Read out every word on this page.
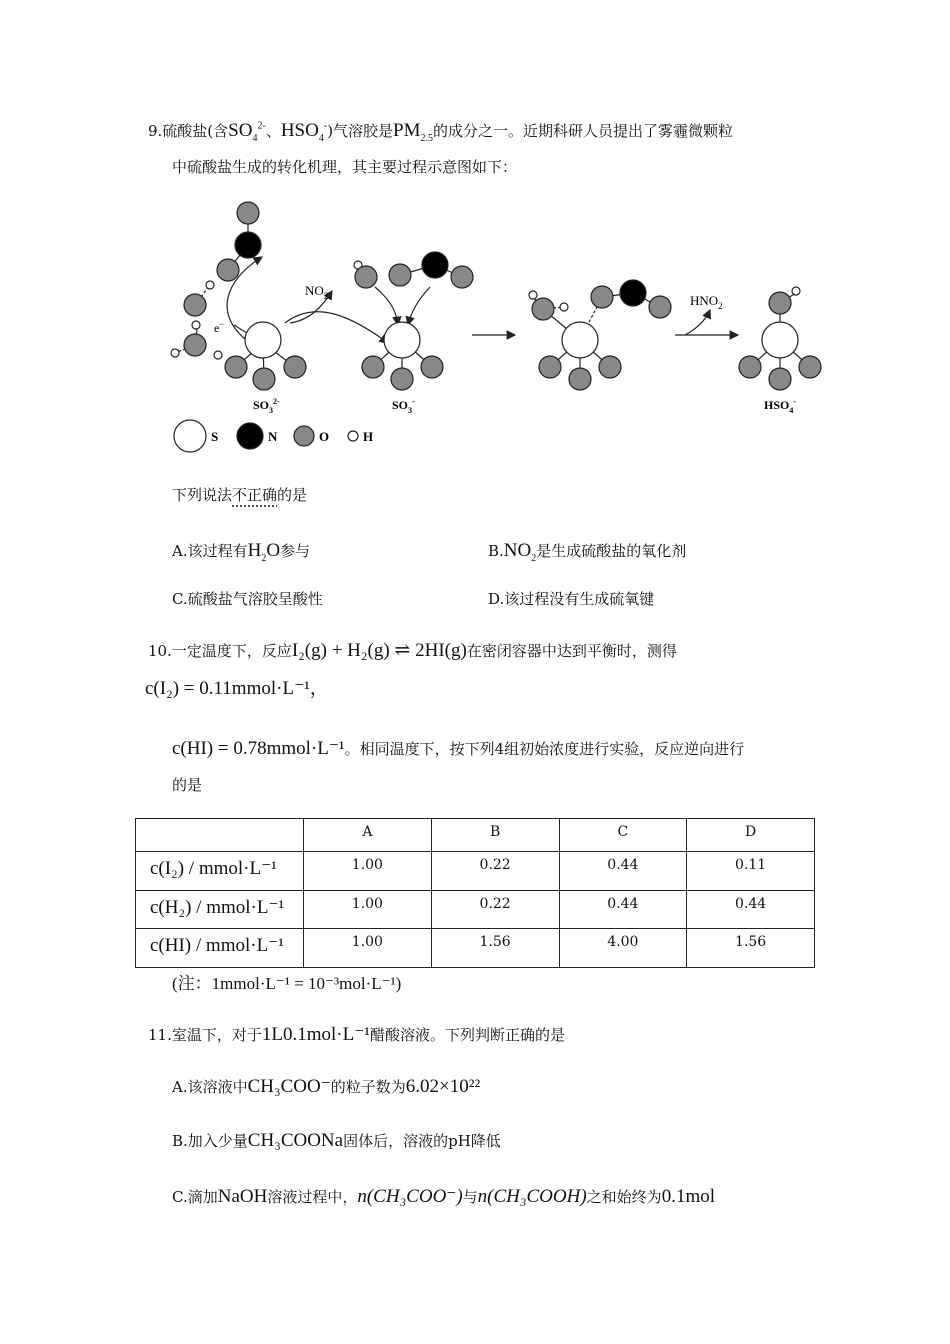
9.硫酸盐(含$SO_4^{2-}$、$HSO_4^-$)气溶胶是$PM_{2.5}$的成分之一。近期科研人员提出了雾霾微颗粒
中硫酸盐生成的转化机理，其主要过程示意图如下：
e−
$NO_2$	$HNO_2$
$SO_3^{2-}$	$SO_3^-$	$HSO_4^-$
S	N	O	H
下列说法不正确的是
A.该过程有$H_2O$参与	$B.NO_2$是生成硫酸盐的氧化剂
C.硫酸盐气溶胶呈酸性	D.该过程没有生成硫氧键
10.一定温度下，反应I₂(g) + H₂(g) ⇌ 2HI(g)在密闭容器中达到平衡时，测得
c(I₂) = 0.11mmol·L⁻¹，
c(HI) = 0.78mmol·L⁻¹。相同温度下，按下列4组初始浓度进行实验，反应逆向进行
的是
	A	B	C	D
c(I₂) / mmol·L⁻¹	1.00	0.22	0.44	0.11
c(H₂) / mmol·L⁻¹	1.00	0.22	0.44	0.44
c(HI) / mmol·L⁻¹	1.00	1.56	4.00	1.56
(注：1mmol·L⁻¹ = 10⁻³mol·L⁻¹)
11.室温下，对于1L0.1mol·L⁻¹醋酸溶液。下列判断正确的是
A.该溶液中CH₃COO⁻的粒子数为6.02×10²²
B.加入少量CH₃COONa固体后，溶液的pH降低
C.滴加NaOH溶液过程中，n(CH₃COO⁻)与n(CH₃COOH)之和始终为0.1mol
